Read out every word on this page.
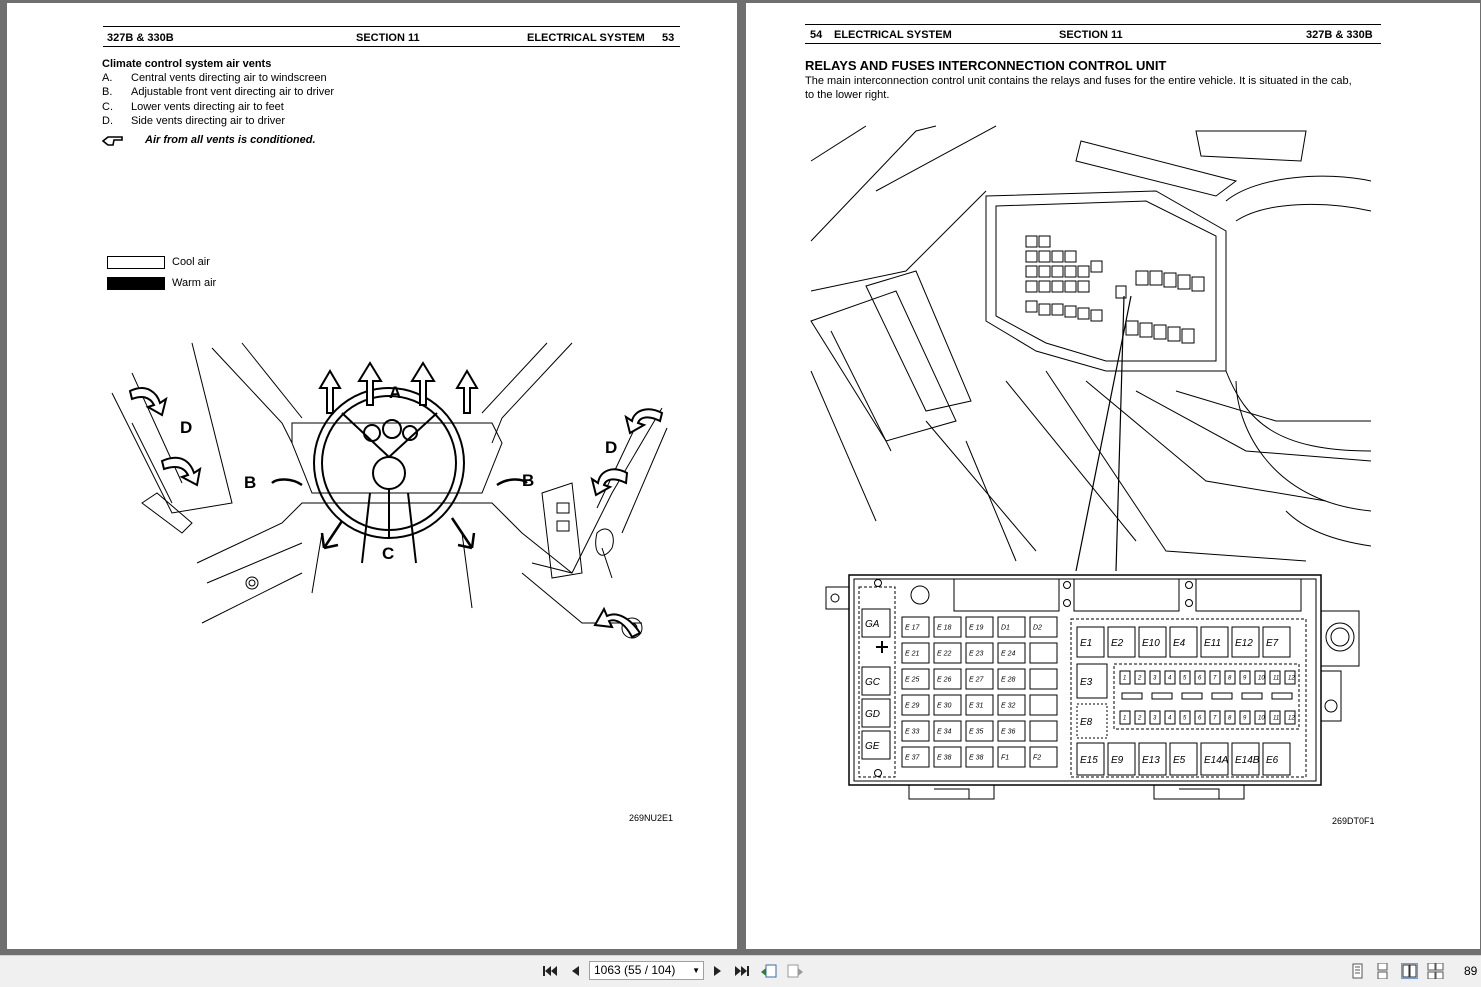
327B & 330B	SECTION 11	ELECTRICAL SYSTEM 53
Climate control system air vents
A. Central vents directing air to windscreen
B. Adjustable front vent directing air to driver
C. Lower vents directing air to feet
D. Side vents directing air to driver
Air from all vents is conditioned.
Cool air
Warm air
A
D
D
B	B
C
269NU2E1
54 ELECTRICAL SYSTEM	SECTION 11	327B & 330B
RELAYS AND FUSES INTERCONNECTION CONTROL UNIT
The main interconnection control unit contains the relays and fuses for the entire vehicle. It is situated in the cab,
to the lower right.
GA
GC
GD
GE
E 17	E 18	E 19	D1	D2
E 21	E 22	E 23	E 24
E 25	E 26	E 27	E 28
E 29	E 30	E 31	E 32
E 33	E 34	E 35	E 36
E 37	E 38	E 38	F1	F2
E1 E2 E10 E4 E11 E12 E7
E3
E8
E15 E9 E13 E5 E14A E14B E6
1
1
2
2
3
3
4
4
5
5
6
6
7
7
8
8
9
9
10
10
11
11
12
12
269DT0F1
1063 (55 / 104) ▼	89
